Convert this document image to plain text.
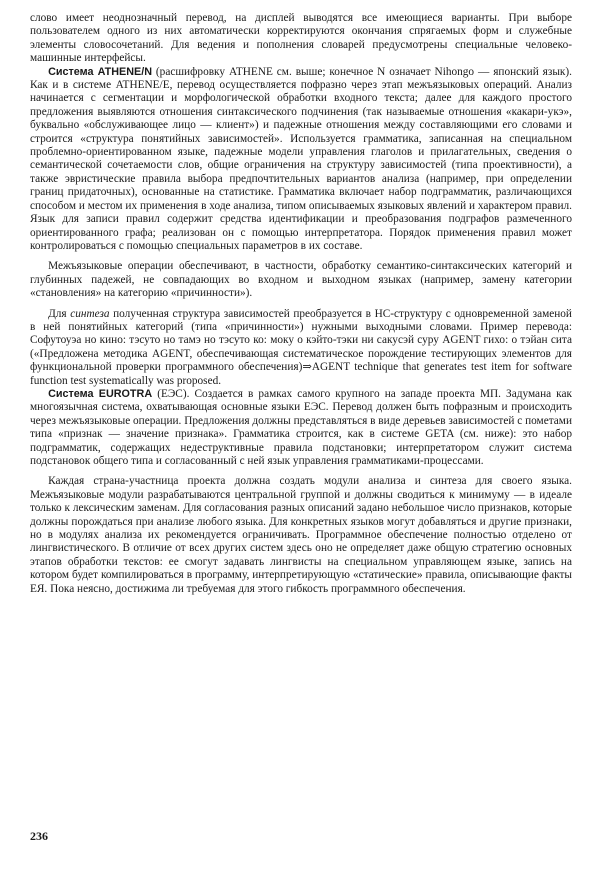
слово имеет неоднозначный перевод, на дисплей выводятся все имеющиеся варианты. При выборе пользователем одного из них автоматически корректируются окончания спрягаемых форм и служебные элементы словосочетаний. Для ведения и пополнения словарей предусмотрены специальные человеко-машинные интерфейсы.

Система ATHENE/N (расшифровку ATHENE см. выше; конечное N означает Nihongo — японский язык). Как и в системе ATHENE/E, перевод осуществляется пофразно через этап межъязыковых операций. Анализ начинается с сегментации и морфологической обработки входного текста; далее для каждого простого предложения выявляются отношения синтаксического подчинения (так называемые отношения «какари-укэ», буквально «обслуживающее лицо — клиент») и падежные отношения между составляющими его словами и строится «структура понятийных зависимостей». Используется грамматика, записанная на специальном проблемно-ориентированном языке, падежные модели управления глаголов и прилагательных, сведения о семантической сочетаемости слов, общие ограничения на структуру зависимостей (типа проективности), а также эвристические правила выбора предпочтительных вариантов анализа (например, при определении границ придаточных), основанные на статистике. Грамматика включает набор подграмматик, различающихся способом и местом их применения в ходе анализа, типом описываемых языковых явлений и характером правил. Язык для записи правил содержит средства идентификации и преобразования подграфов размеченного ориентированного графа; реализован он с помощью интерпретатора. Порядок применения правил может контролироваться с помощью специальных параметров в их составе.

Межъязыковые операции обеспечивают, в частности, обработку семантико-синтаксических категорий и глубинных падежей, не совпадающих во входном и выходном языках (например, замену категории «становления» на категорию «причинности»).

Для синтеза полученная структура зависимостей преобразуется в НС-структуру с одновременной заменой в ней понятийных категорий (типа «причинности») нужными выходными словами. Пример перевода: Софутоуэа но кино: тэсуто но тамэ но тэсуто ко: моку о кэйто-тэки ни сакусэй суру AGENT гихо: о тэйан сита («Предложена методика AGENT, обеспечивающая систематическое порождение тестирующих элементов для функциональной проверки программного обеспечения)⇒AGENT technique that generates test item for software function test systematically was proposed.

Система EUROTRA (ЕЭС). Создается в рамках самого крупного на западе проекта МП. Задумана как многоязычная система, охватывающая основные языки ЕЭС. Перевод должен быть пофразным и происходить через межъязыковые операции. Предложения должны представляться в виде деревьев зависимостей с пометами типа «признак — значение признака». Грамматика строится, как в системе GETA (см. ниже): это набор подграмматик, содержащих недеструктивные правила подстановки; интерпретатором служит система подстановок общего типа и согласованный с ней язык управления грамматиками-процессами.

Каждая страна-участница проекта должна создать модули анализа и синтеза для своего языка. Межъязыковые модули разрабатываются центральной группой и должны сводиться к минимуму — в идеале только к лексическим заменам. Для согласования разных описаний задано небольшое число признаков, которые должны порождаться при анализе любого языка. Для конкретных языков могут добавляться и другие признаки, но в модулях анализа их рекомендуется ограничивать. Программное обеспечение полностью отделено от лингвистического. В отличие от всех других систем здесь оно не определяет даже общую стратегию основных этапов обработки текстов: ее смогут задавать лингвисты на специальном управляющем языке, запись на котором будет компилироваться в программу, интерпретирующую «статические» правила, описывающие факты ЕЯ. Пока неясно, достижима ли требуемая для этого гибкость программного обеспечения.

236
